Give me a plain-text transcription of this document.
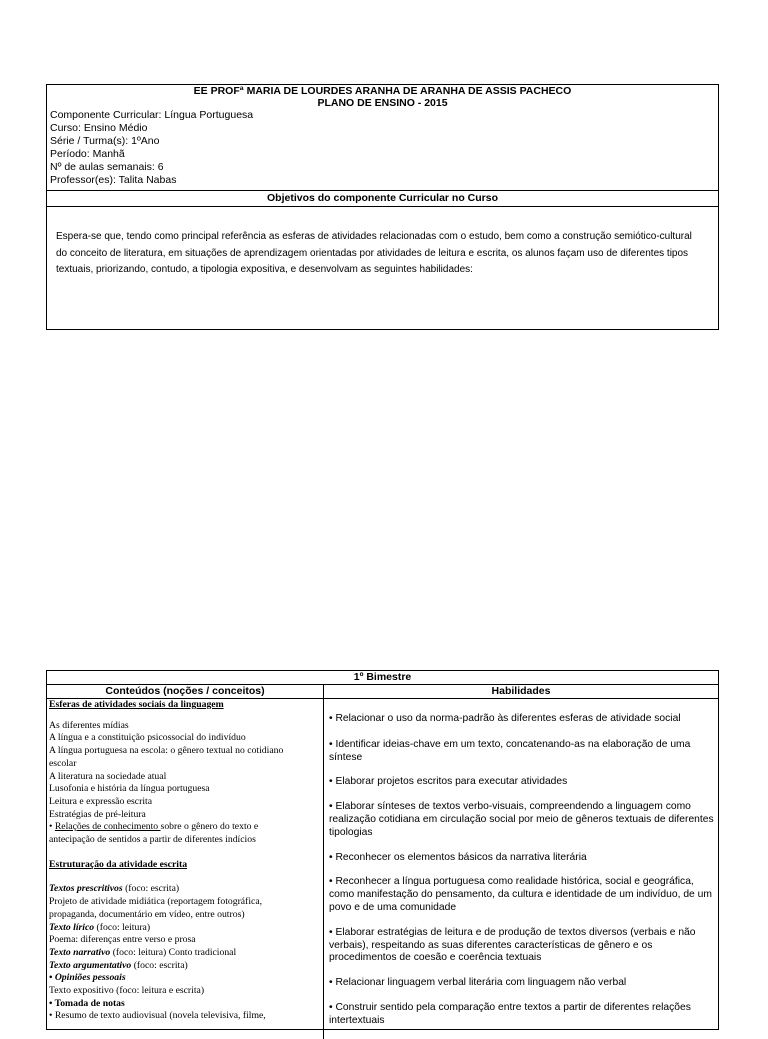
EE PROFª MARIA DE LOURDES ARANHA DE ARANHA DE ASSIS PACHECO
PLANO DE ENSINO - 2015
Componente Curricular: Língua Portuguesa
Curso: Ensino Médio
Série / Turma(s): 1ºAno
Período: Manhã
Nº de aulas semanais: 6
Professor(es): Talita Nabas
Objetivos do componente Curricular no Curso
Espera-se que, tendo como principal referência as esferas de atividades relacionadas com o estudo, bem como a construção semiótico-cultural do conceito de literatura, em situações de aprendizagem orientadas por atividades de leitura e escrita, os alunos façam uso de diferentes tipos textuais, priorizando, contudo, a tipologia expositiva, e desenvolvam as seguintes habilidades:
1º Bimestre
Conteúdos (noções / conceitos)	Habilidades
Esferas de atividades sociais da linguagem
As diferentes mídias
A língua e a constituição psicossocial do indivíduo
A língua portuguesa na escola: o gênero textual no cotidiano
escolar
A literatura na sociedade atual
Lusofonia e história da língua portuguesa
Leitura e expressão escrita
Estratégias de pré-leitura
• Relações de conhecimento sobre o gênero do texto e
antecipação de sentidos a partir de diferentes indícios
Estruturação da atividade escrita
Textos prescritivos (foco: escrita)
Projeto de atividade midiática (reportagem fotográfica,
propaganda, documentário em vídeo, entre outros)
Texto lírico (foco: leitura)
Poema: diferenças entre verso e prosa
Texto narrativo (foco: leitura) Conto tradicional
Texto argumentativo (foco: escrita)
• Opiniões pessoais
Texto expositivo (foco: leitura e escrita)
• Tomada de notas
• Resumo de texto audiovisual (novela televisiva, filme,
• Relacionar o uso da norma-padrão às diferentes esferas de atividade social
• Identificar ideias-chave em um texto, concatenando-as na elaboração de uma síntese
• Elaborar projetos escritos para executar atividades
• Elaborar sínteses de textos verbo-visuais, compreendendo a linguagem como realização cotidiana em circulação social por meio de gêneros textuais de diferentes tipologias
• Reconhecer os elementos básicos da narrativa literária
• Reconhecer a língua portuguesa como realidade histórica, social e geográfica, como manifestação do pensamento, da cultura e identidade de um indivíduo, de um povo e de uma comunidade
• Elaborar estratégias de leitura e de produção de textos diversos (verbais e não verbais), respeitando as suas diferentes características de gênero e os procedimentos de coesão e coerência textuais
• Relacionar linguagem verbal literária com linguagem não verbal
• Construir sentido pela comparação entre textos a partir de diferentes relações intertextuais
